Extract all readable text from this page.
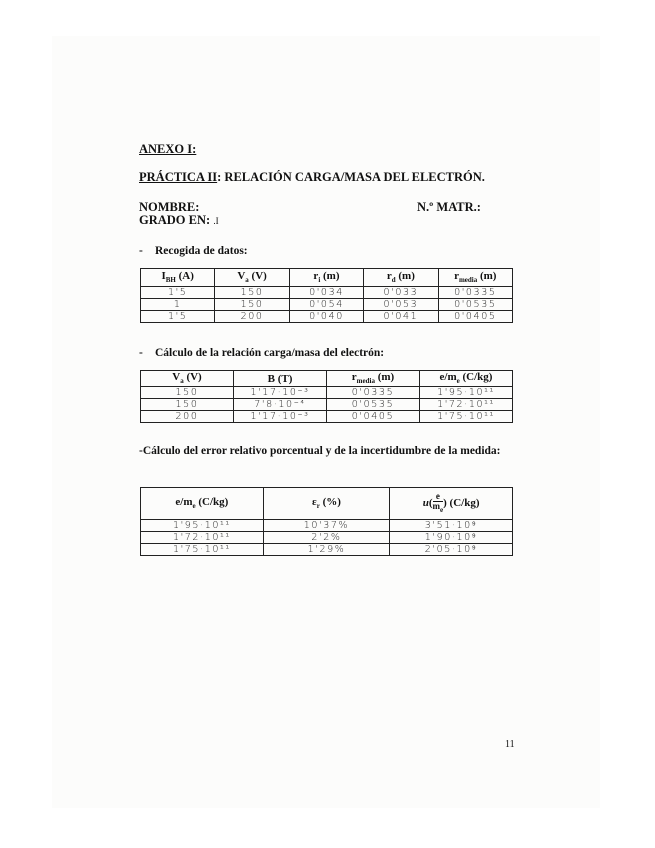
ANEXO I:
PRÁCTICA II: RELACIÓN CARGA/MASA DEL ELECTRÓN.
NOMBRE:	N.º MATR.:
GRADO EN: .I
- Recogida de datos:
$I_{BH}$ (A)	$V_a$ (V)	$r_i$ (m)	$r_d$ (m)	$r_{media}$ (m)
1'5	150	0'034	0'033	0'0335
1	150	0'054	0'053	0'0535
1'5	200	0'040	0'041	0'0405
- Cálculo de la relación carga/masa del electrón:
$V_a$ (V)	B (T)	$r_{media}$ (m)	$e/m_e$ (C/kg)
150	1'17·10⁻³	0'0335	1'95·10¹¹
150	7'8·10⁻⁴	0'0535	1'72·10¹¹
200	1'17·10⁻³	0'0405	1'75·10¹¹
-Cálculo del error relativo porcentual y de la incertidumbre de la medida:
$e/m_e$ (C/kg)	$\varepsilon_r$ (%)	$u( \frac{e}{m_e}$ ) (C/kg)
1'95·10¹¹	10'37%	3'51·10⁹
1'72·10¹¹	2'2%	1'90·10⁹
1'75·10¹¹	1'29%	2'05·10⁹
11
